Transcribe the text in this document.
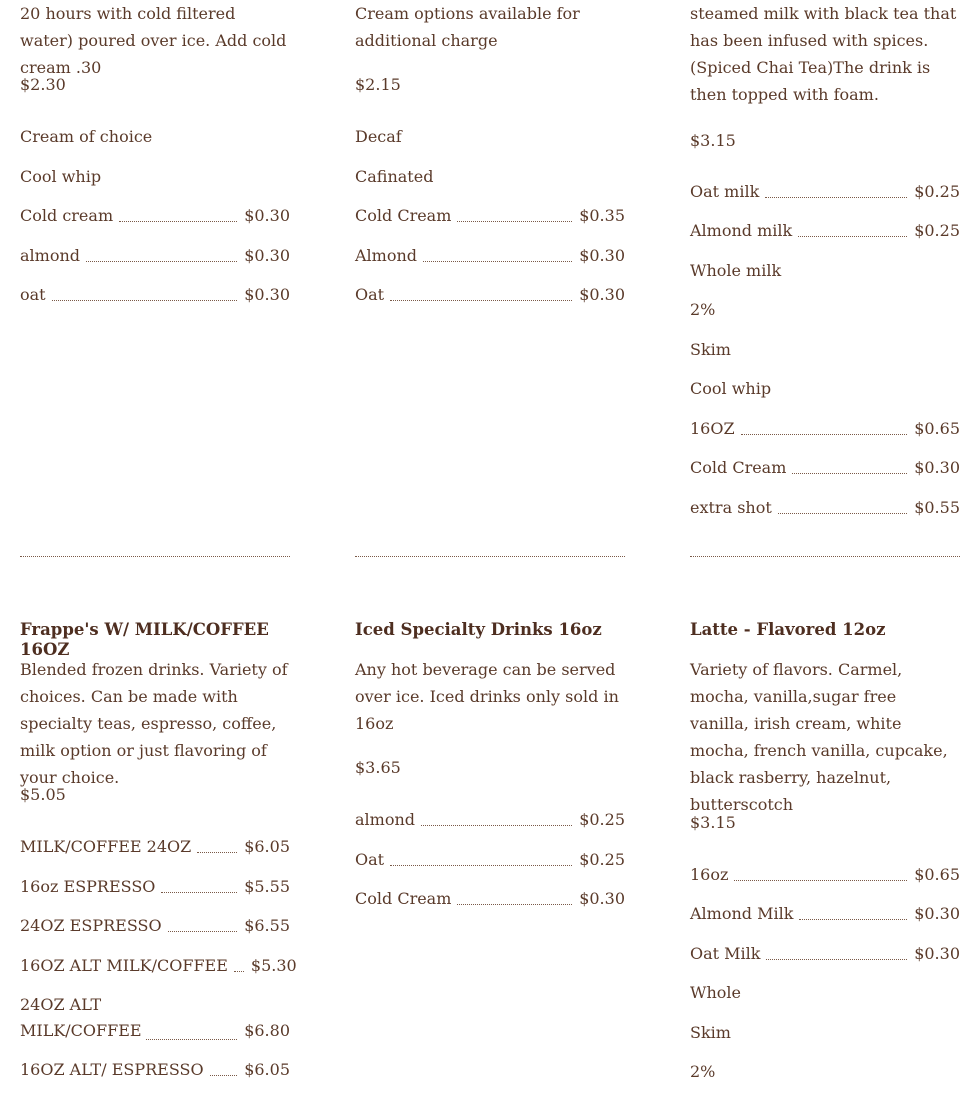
20 hours with cold filtered water) poured over ice. Add cold cream .30

$2.30

Cream of choice

Cool whip

Cold cream	$0.30
almond	$0.30
oat	$0.30

Cream options available for additional charge

$2.15

Decaf

Cafinated

Cold Cream	$0.35
Almond	$0.30
Oat	$0.30

steamed milk with black tea that has been infused with spices. (Spiced Chai Tea)The drink is then topped with foam.

$3.15

Oat milk	$0.25
Almond milk	$0.25

Whole milk

2%

Skim

Cool whip

16OZ	$0.65
Cold Cream	$0.30
extra shot	$0.55

Frappe's W/ MILK/COFFEE 16OZ

Blended frozen drinks. Variety of choices. Can be made with specialty teas, espresso, coffee, milk option or just flavoring of your choice.

$5.05

MILK/COFFEE 24OZ	$6.05
16oz ESPRESSO	$5.55
24OZ ESPRESSO	$6.55
16OZ ALT MILK/COFFEE $5.30
24OZ ALT MILK/COFFEE	$6.80
16OZ ALT/ ESPRESSO	$6.05

Iced Specialty Drinks 16oz

Any hot beverage can be served over ice. Iced drinks only sold in 16oz

$3.65

almond	$0.25
Oat	$0.25
Cold Cream	$0.30

Latte - Flavored 12oz

Variety of flavors. Carmel, mocha, vanilla,sugar free vanilla, irish cream, white mocha, french vanilla, cupcake, black rasberry, hazelnut, butterscotch

$3.15

16oz	$0.65
Almond Milk	$0.30
Oat Milk	$0.30

Whole

Skim

2%
